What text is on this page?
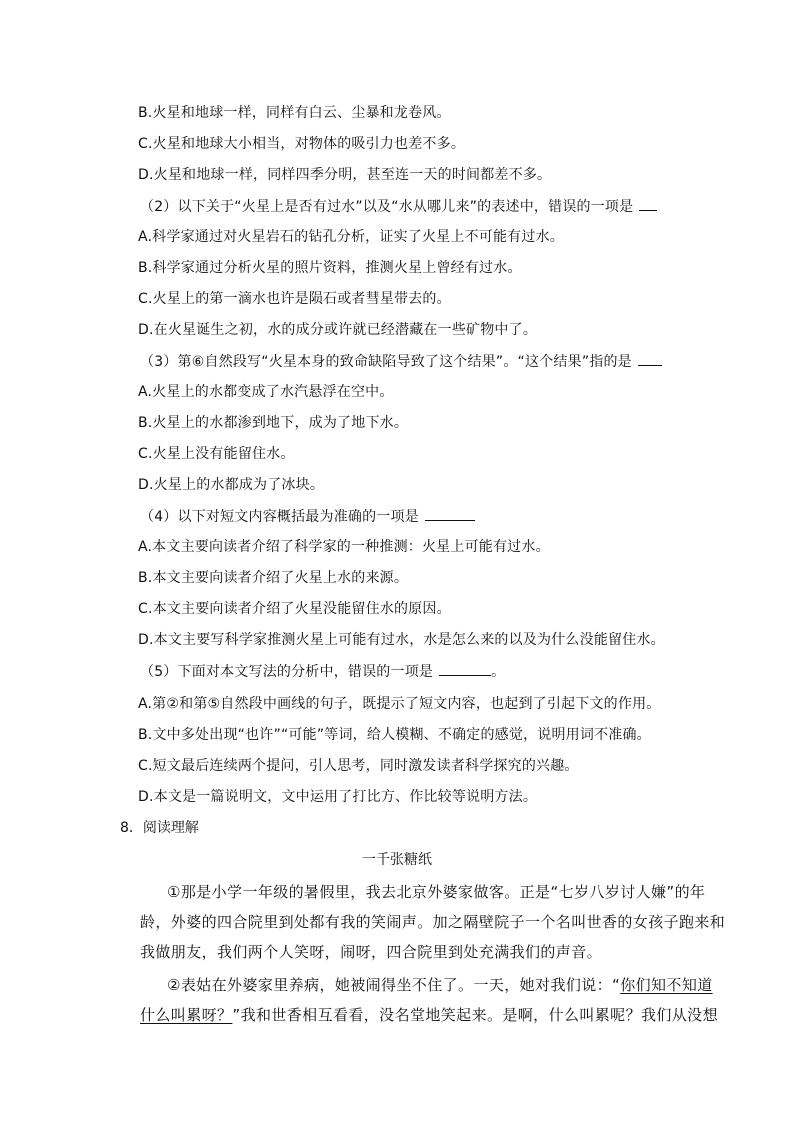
B.火星和地球一样，同样有白云、尘暴和龙卷风。
C.火星和地球大小相当，对物体的吸引力也差不多。
D.火星和地球一样，同样四季分明，甚至连一天的时间都差不多。
（2）以下关于“火星上是否有过水”以及“水从哪儿来”的表述中，错误的一项是
A.科学家通过对火星岩石的钻孔分析，证实了火星上不可能有过水。
B.科学家通过分析火星的照片资料，推测火星上曾经有过水。
C.火星上的第一滴水也许是陨石或者彗星带去的。
D.在火星诞生之初，水的成分或许就已经潜藏在一些矿物中了。
（3）第⑥自然段写“火星本身的致命缺陷导致了这个结果”。“这个结果”指的是
A.火星上的水都变成了水汽悬浮在空中。
B.火星上的水都渗到地下，成为了地下水。
C.火星上没有能留住水。
D.火星上的水都成为了冰块。
（4）以下对短文内容概括最为准确的一项是
A.本文主要向读者介绍了科学家的一种推测：火星上可能有过水。
B.本文主要向读者介绍了火星上水的来源。
C.本文主要向读者介绍了火星没能留住水的原因。
D.本文主要写科学家推测火星上可能有过水，水是怎么来的以及为什么没能留住水。
（5）下面对本文写法的分析中，错误的一项是	。
A.第②和第⑤自然段中画线的句子，既提示了短文内容，也起到了引起下文的作用。
B.文中多处出现“也许”“可能”等词，给人模糊、不确定的感觉，说明用词不准确。
C.短文最后连续两个提问，引人思考，同时激发读者科学探究的兴趣。
D.本文是一篇说明文，文中运用了打比方、作比较等说明方法。
8．阅读理解
一千张糖纸
①那是小学一年级的暑假里，我去北京外婆家做客。正是“七岁八岁讨人嫌”的年
龄，外婆的四合院里到处都有我的笑闹声。加之隔壁院子一个名叫世香的女孩子跑来和
我做朋友，我们两个人笑呀，闹呀，四合院里到处充满我们的声音。
②表姑在外婆家里养病，她被闹得坐不住了。一天，她对我们说：“你们知不知道
什么叫累呀？”我和世香相互看看，没名堂地笑起来。是啊，什么叫累呢？我们从没想
